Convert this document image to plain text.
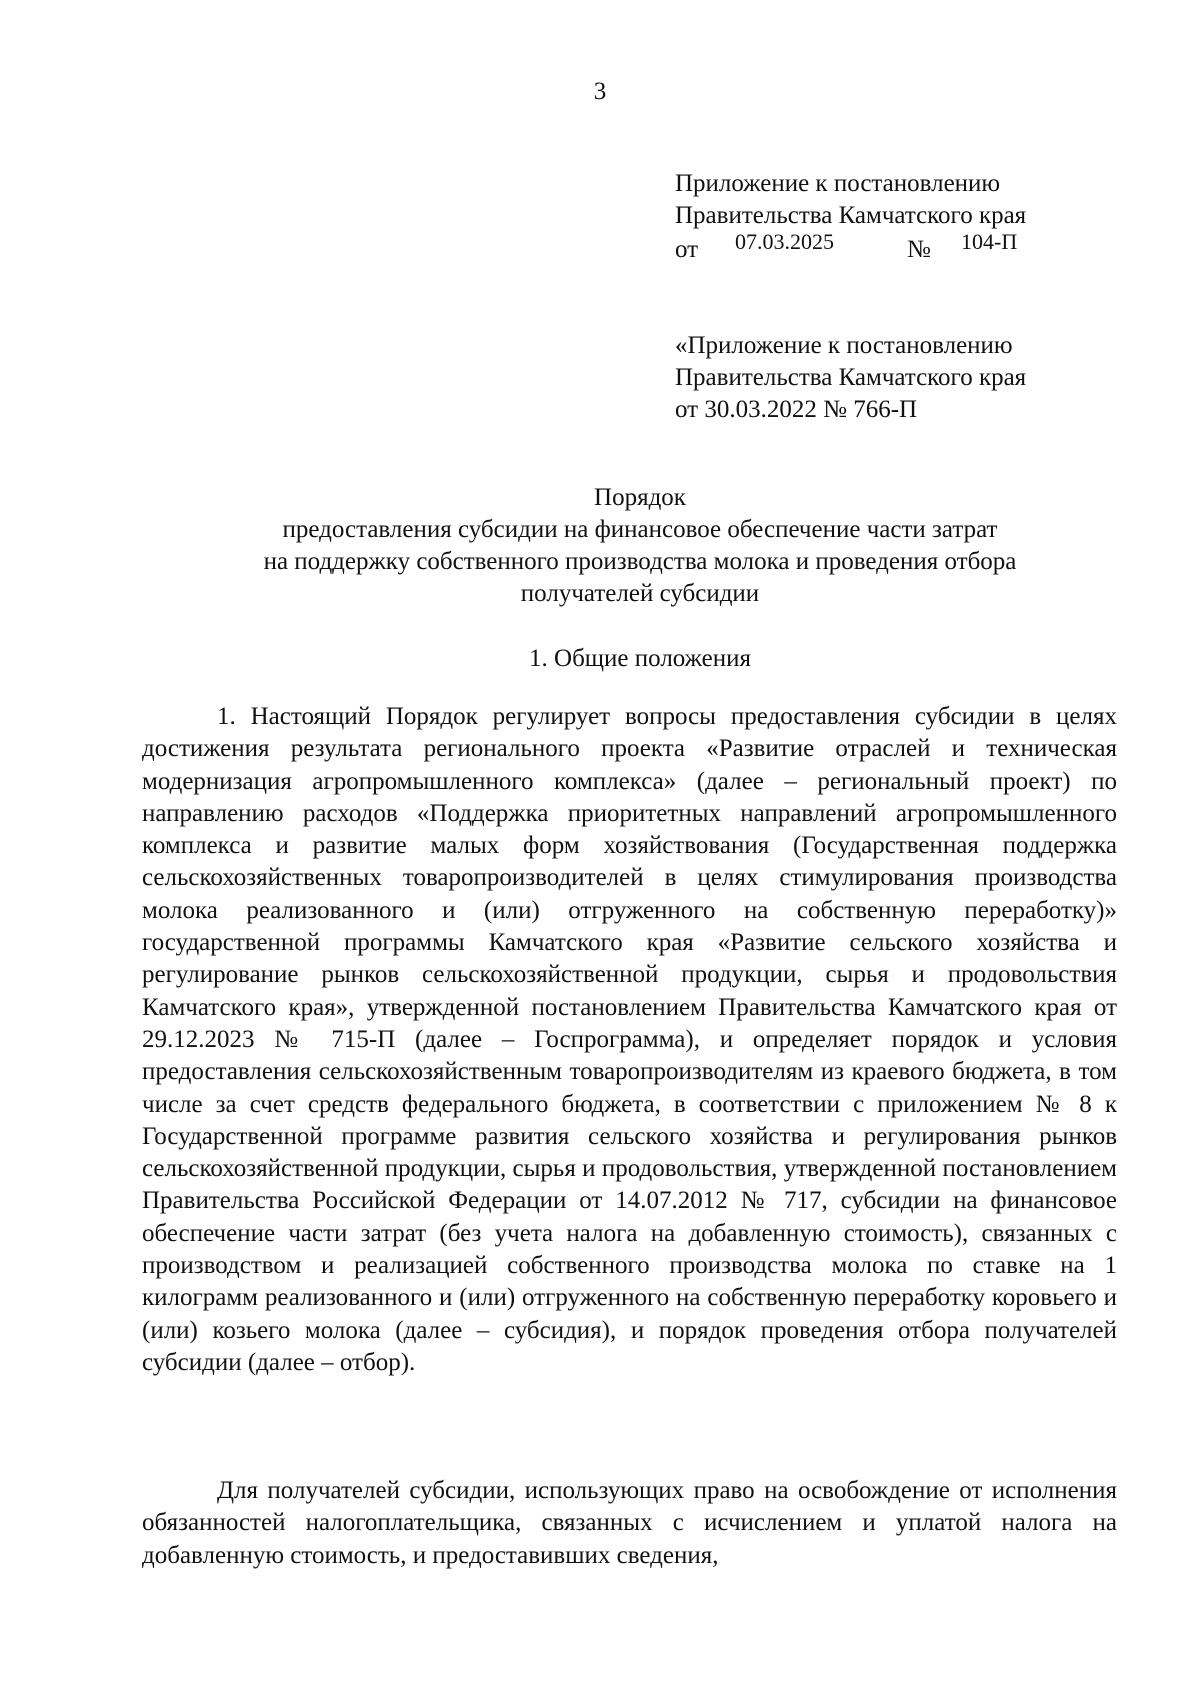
3
Приложение к постановлению
Правительства Камчатского края
от 07.03.2025	№ 104-П
«Приложение к постановлению
Правительства Камчатского края
от 30.03.2022 № 766-П
Порядок
предоставления субсидии на финансовое обеспечение части затрат
на поддержку собственного производства молока и проведения отбора
получателей субсидии
1. Общие положения

1. Настоящий Порядок регулирует вопросы предоставления субсидии в целях достижения результата регионального проекта «Развитие отраслей и техническая модернизация агропромышленного комплекса» (далее – региональный проект) по направлению расходов «Поддержка приоритетных направлений агропромышленного комплекса и развитие малых форм хозяйствования (Государственная поддержка сельскохозяйственных товаропроизводителей в целях стимулирования производства молока реализованного и (или) отгруженного на собственную переработку)» государственной программы Камчатского края «Развитие сельского хозяйства и регулирование рынков сельскохозяйственной продукции, сырья и продовольствия Камчатского края», утвержденной постановлением Правительства Камчатского края от 29.12.2023 № 715-П (далее – Госпрограмма), и определяет порядок и условия предоставления сельскохозяйственным товаропроизводителям из краевого бюджета, в том числе за счет средств федерального бюджета, в соответствии с приложением № 8 к Государственной программе развития сельского хозяйства и регулирования рынков сельскохозяйственной продукции, сырья и продовольствия, утвержденной постановлением Правительства Российской Федерации от 14.07.2012 № 717, субсидии на финансовое обеспечение части затрат (без учета налога на добавленную стоимость), связанных с производством и реализацией собственного производства молока по ставке на 1 килограмм реализованного и (или) отгруженного на собственную переработку коровьего и (или) козьего молока (далее – субсидия), и порядок проведения отбора получателей субсидии (далее – отбор).

Для получателей субсидии, использующих право на освобождение от исполнения обязанностей налогоплательщика, связанных с исчислением и уплатой налога на добавленную стоимость, и предоставивших сведения,
